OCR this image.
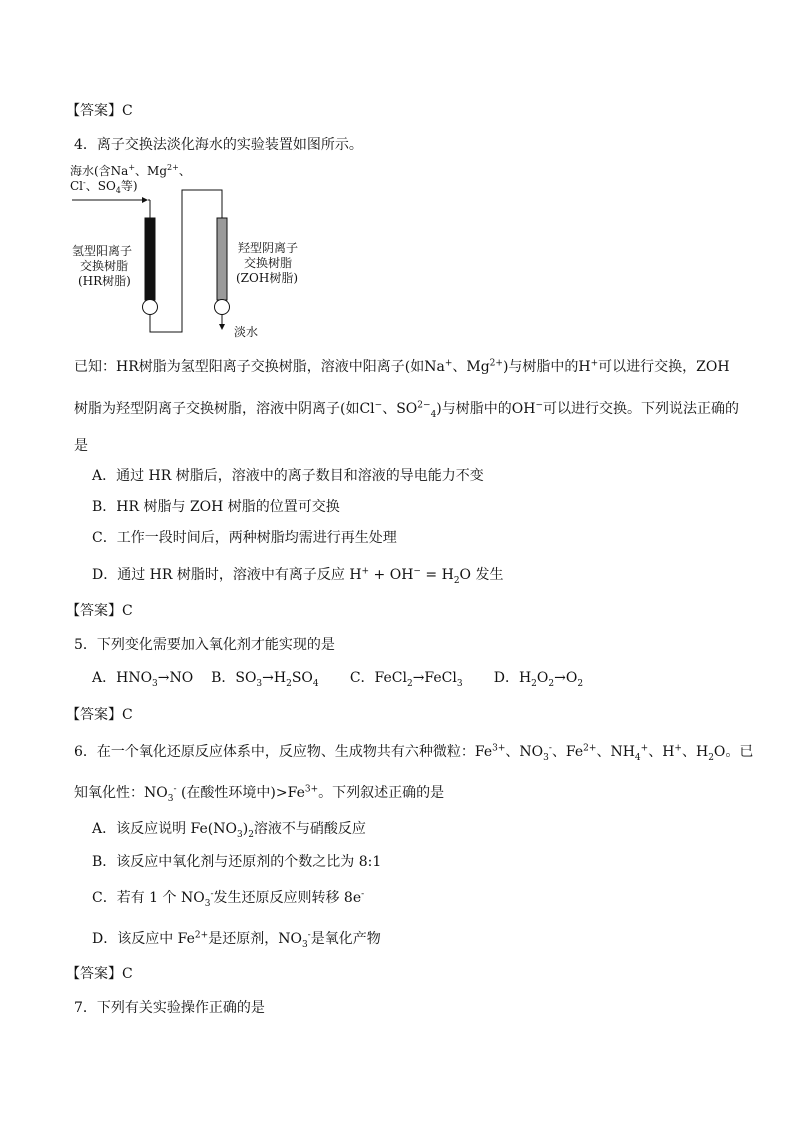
【答案】C
4．离子交换法淡化海水的实验装置如图所示。
海水(含Na+、$Mg^{2+}$、
Cl-、$SO_4$等)
氢型阳离子
交换树脂
(HR树脂)
羟型阴离子
交换树脂
(ZOH树脂)
淡水
已知：HR树脂为氢型阳离子交换树脂，溶液中阳离子(如Na+、$Mg^{2+}$)与树脂中的H+可以进行交换，ZOH
树脂为羟型阴离子交换树脂，溶液中阴离子(如Cl−、$SO^{2-}_4$)与树脂中的OH−可以进行交换。下列说法正确的
是
A．通过 HR 树脂后，溶液中的离子数目和溶液的导电能力不变
B．HR 树脂与 ZOH 树脂的位置可交换
C．工作一段时间后，两种树脂均需进行再生处理
D．通过 HR 树脂时，溶液中有离子反应 $H^+ + OH^- = H_2O$ 发生
【答案】C
5．下列变化需要加入氧化剂才能实现的是
A．$HNO_3\to NO$ B．$SO_3\to H_2SO_4$ C．FeCl$_2$→FeCl$_3$ D．$H_2O_2\to O_2$
【答案】C
6．在一个氧化还原反应体系中，反应物、生成物共有六种微粒：$Fe^{3+}$、$NO_3^-$、$Fe^{2+}$、$NH_4^+$、H+、$H_2O$。已
知氧化性：$NO_3^-$ (在酸性环境中)$>Fe^{3+}$。下列叙述正确的是
A．该反应说明 $Fe(NO_3)_2$溶液不与硝酸反应
B．该反应中氧化剂与还原剂的个数之比为 8:1
C．若有 1 个 $NO_3^-$发生还原反应则转移 8e-
D．该反应中 $Fe^{2+}$是还原剂，$NO_3^-$是氧化产物
【答案】C
7．下列有关实验操作正确的是
